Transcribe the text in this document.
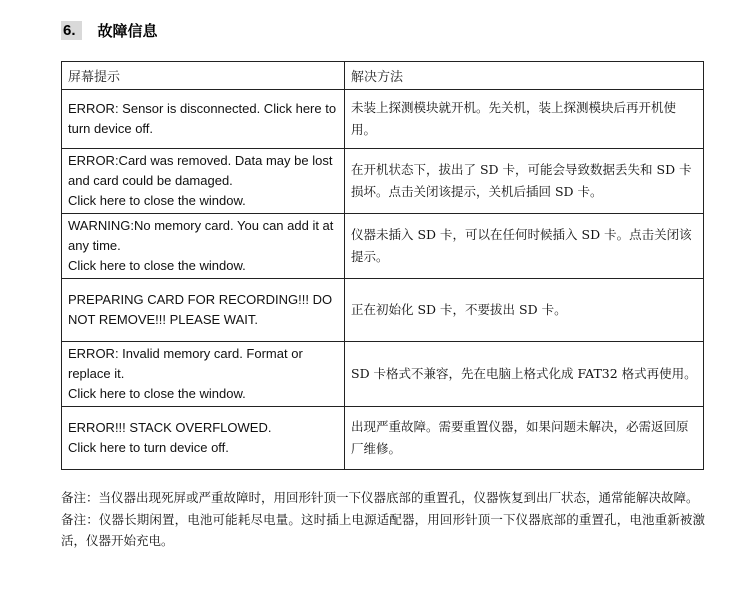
6.	故障信息
屏幕提示	解决方法

ERROR: Sensor is disconnected. Click here to turn device off.	未装上探测模块就开机。先关机，装上探测模块后再开机使用。

ERROR:Card was removed. Data may be lost and card could be damaged.
Click here to close the window.	在开机状态下，拔出了 SD 卡，可能会导致数据丢失和 SD 卡损坏。点击关闭该提示，关机后插回 SD 卡。

WARNING:No memory card. You can add it at any time.
Click here to close the window.	仪器未插入 SD 卡，可以在任何时候插入 SD 卡。点击关闭该提示。

PREPARING CARD FOR RECORDING!!! DO NOT REMOVE!!! PLEASE WAIT.	正在初始化 SD 卡，不要拔出 SD 卡。

ERROR: Invalid memory card. Format or replace it.
Click here to close the window.	SD 卡格式不兼容，先在电脑上格式化成 FAT32 格式再使用。

ERROR!!! STACK OVERFLOWED.
Click here to turn device off.	出现严重故障。需要重置仪器，如果问题未解决，必需返回原厂维修。

备注：当仪器出现死屏或严重故障时，用回形针顶一下仪器底部的重置孔，仪器恢复到出厂状态，通常能解决故障。

备注：仪器长期闲置，电池可能耗尽电量。这时插上电源适配器，用回形针顶一下仪器底部的重置孔，电池重新被激活，仪器开始充电。
